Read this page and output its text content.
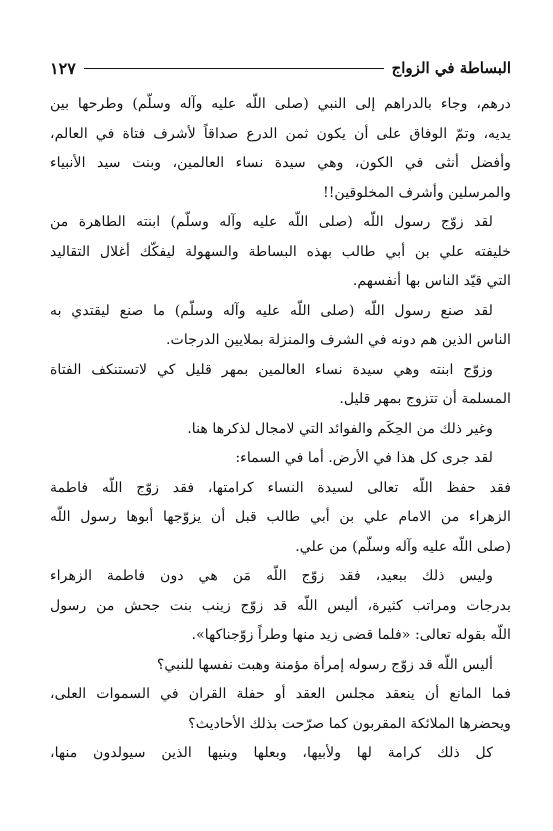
البساطة في الزواج
١٢٧
درهم، وجاء بالدراهم إلى النبي (صلى اللّه عليه وآله وسلّم) وطرحها بين
يديه، وتمّ الوفاق على أن يكون ثمن الدرع صداقاً لأشرف فتاة في العالم،
وأفضل أنثى في الكون، وهي سيدة نساء العالمين، وبنت سيد الأنبياء
والمرسلين وأشرف المخلوقين!!
لقد زوّج رسول اللّه (صلى اللّه عليه وآله وسلّم) ابنته الطاهرة من
خليفته علي بن أبي طالب بهذه البساطة والسهولة ليفكّك أغلال التقاليد
التي قيّد الناس بها أنفسهم.
لقد صنع رسول اللّه (صلى اللّه عليه وآله وسلّم) ما صنع ليقتدي به
الناس الذين هم دونه في الشرف والمنزلة بملايين الدرجات.
وزوّج ابنته وهي سيدة نساء العالمين بمهر قليل كي لاتستنكف الفتاة
المسلمة أن تتزوج بمهر قليل.
وغير ذلك من الحِكَم والفوائد التي لامجال لذكرها هنا.
لقد جرى كل هذا في الأرض. أما في السماء:
فقد حفظ اللّه تعالى لسيدة النساء كرامتها، فقد زوّج اللّه فاطمة
الزهراء من الامام علي بن أبي طالب قبل أن يزوّجها أبوها رسول اللّه
(صلى اللّه عليه وآله وسلّم) من علي.
وليس ذلك ببعيد، فقد زوّج اللّه مَن هي دون فاطمة الزهراء
بدرجات ومراتب كثيرة، أليس اللّه قد زوّج زينب بنت جحش من رسول
اللّه بقوله تعالى: «فلما قضى زيد منها وطراً زوّجناكها».
أليس اللّه قد زوّج رسوله إمرأة مؤمنة وهبت نفسها للنبي؟
فما المانع أن ينعقد مجلس العقد أو حفلة القران في السموات العلى،
ويحضرها الملائكة المقربون كما صرّحت بذلك الأحاديث؟
كل ذلك كرامة لها ولأبيها، وبعلها وبنيها الذين سيولدون منها،
